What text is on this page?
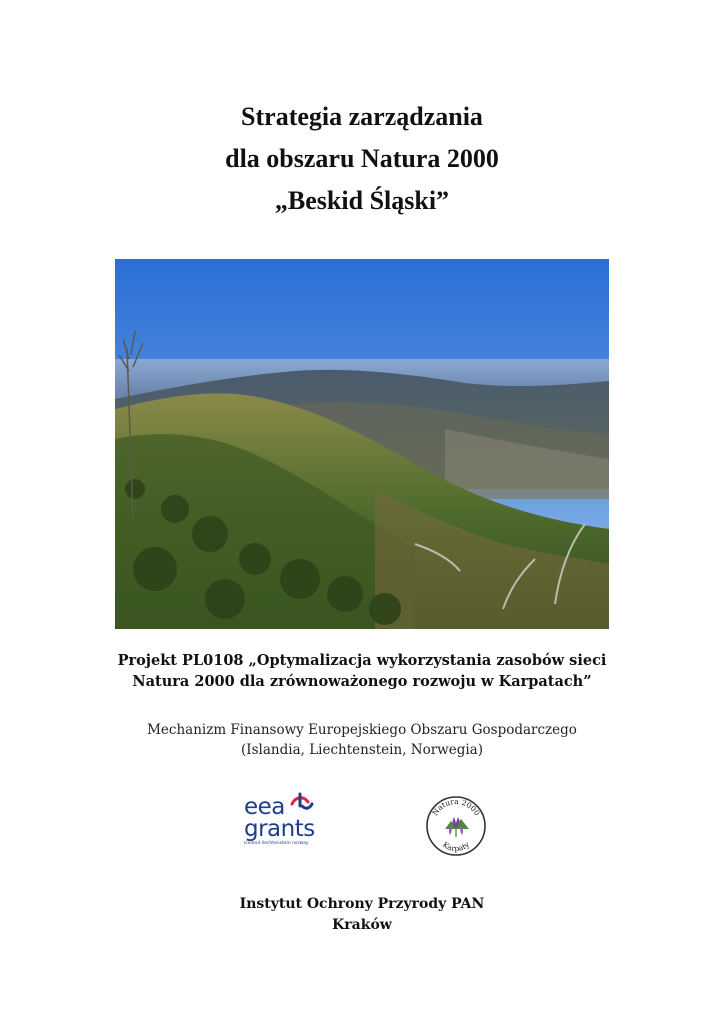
Strategia zarządzania

dla obszaru Natura 2000

„Beskid Śląski”

Projekt PL0108 „Optymalizacja wykorzystania zasobów sieci
Natura 2000 dla zrównoważonego rozwoju w Karpatach”
Mechanizm Finansowy Europejskiego Obszaru Gospodarczego
(Islandia, Liechtenstein, Norwegia)
eea
grants
iceland liechtenstein norway
Natura 2000
Karpaty
Instytut Ochrony Przyrody PAN
Kraków
